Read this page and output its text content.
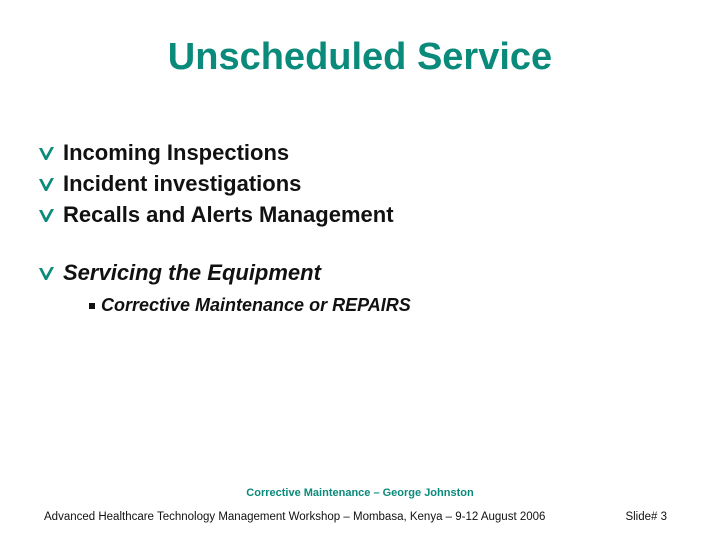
Unscheduled Service
Incoming Inspections
Incident investigations
Recalls and Alerts Management
Servicing the Equipment
Corrective Maintenance or REPAIRS
Corrective Maintenance – George Johnston
Advanced Healthcare Technology Management Workshop – Mombasa, Kenya – 9-12 August 2006	Slide# 3
